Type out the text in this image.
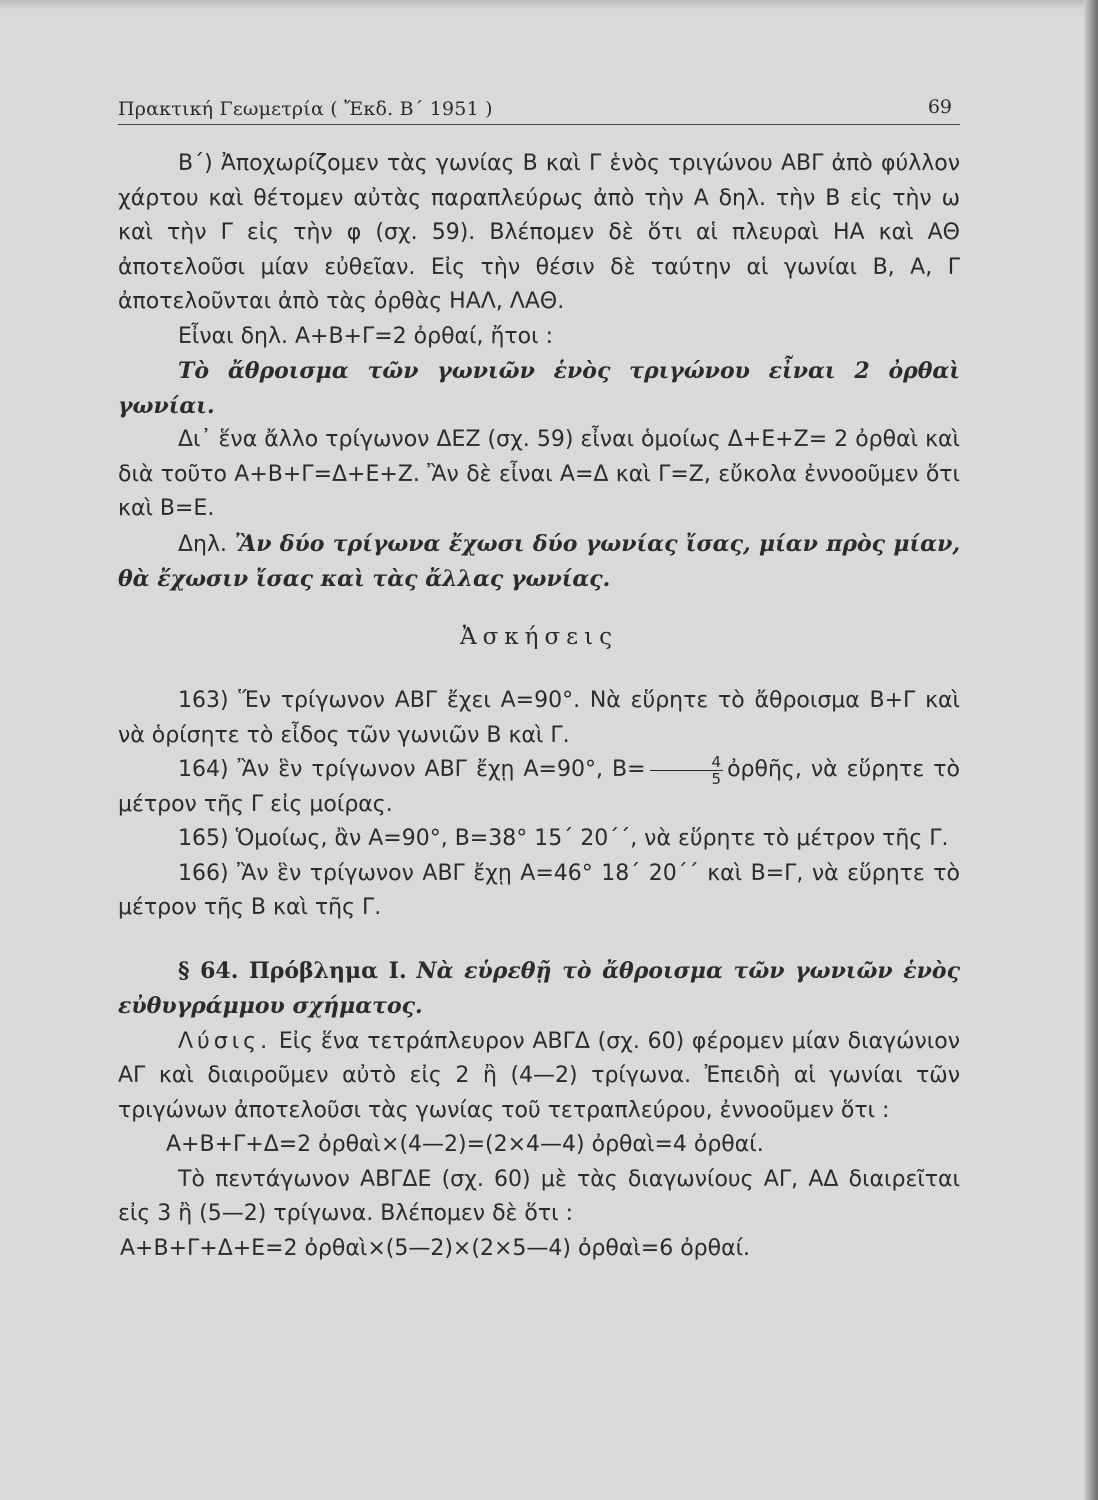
Πρακτική Γεωμετρία ( Ἔκδ. Β΄ 1951 )	69

Β΄) Ἀποχωρίζομεν τὰς γωνίας Β καὶ Γ ἑνὸς τριγώνου ΑΒΓ ἀπὸ φύλλον χάρτου καὶ θέτομεν αὐτὰς παραπλεύρως ἀπὸ τὴν Α δηλ. τὴν Β εἰς τὴν ω καὶ τὴν Γ εἰς τὴν φ (σχ. 59). Βλέπομεν δὲ ὅτι αἱ πλευραὶ ΗΑ καὶ ΑΘ ἀποτελοῦσι μίαν εὐθεῖαν. Εἰς τὴν θέσιν δὲ ταύτην αἱ γωνίαι Β, Α, Γ ἀποτελοῦνται ἀπὸ τὰς ὀρθὰς ΗΑΛ, ΛΑΘ.

Εἶναι δηλ. Α+Β+Γ=2 ὀρθαί, ἤτοι :

Τὸ ἄθροισμα τῶν γωνιῶν ἑνὸς τριγώνου εἶναι 2 ὀρθαὶ γωνίαι.

Δι᾽ ἕνα ἄλλο τρίγωνον ΔΕΖ (σχ. 59) εἶναι ὁμοίως Δ+Ε+Ζ= 2 ὀρθαὶ καὶ διὰ τοῦτο Α+Β+Γ=Δ+Ε+Ζ. Ἂν δὲ εἶναι Α=Δ καὶ Γ=Ζ, εὔκολα ἐννοοῦμεν ὅτι καὶ Β=Ε.

Δηλ. Ἂν δύο τρίγωνα ἔχωσι δύο γωνίας ἴσας, μίαν πρὸς μίαν, θὰ ἔχωσιν ἴσας καὶ τὰς ἄλλας γωνίας.

Ἀσκήσεις

163) Ἕν τρίγωνον ΑΒΓ ἔχει Α=90°. Νὰ εὕρητε τὸ ἄθροισμα Β+Γ καὶ νὰ ὁρίσητε τὸ εἶδος τῶν γωνιῶν Β καὶ Γ.

164) Ἂν ἓν τρίγωνον ΑΒΓ ἔχῃ Α=90°, $B= \frac{4}{5}$ ὀρθῆς, νὰ εὕρητε τὸ μέτρον τῆς Γ εἰς μοίρας.

165) Ὁμοίως, ἂν Α=90°, Β=38° 15΄ 20΄΄, νὰ εὕρητε τὸ μέτρον τῆς Γ.

166) Ἂν ἓν τρίγωνον ΑΒΓ ἔχῃ Α=46° 18΄ 20΄΄ καὶ Β=Γ, νὰ εὕρητε τὸ μέτρον τῆς Β καὶ τῆς Γ.

§ 64. Πρόβλημα Ι. Νὰ εὑρεθῇ τὸ ἄθροισμα τῶν γωνιῶν ἑνὸς εὐθυγράμμου σχήματος.

Λύσις. Εἰς ἕνα τετράπλευρον ΑΒΓΔ (σχ. 60) φέρομεν μίαν διαγώνιον ΑΓ καὶ διαιροῦμεν αὐτὸ εἰς 2 ἢ (4—2) τρίγωνα. Ἐπειδὴ αἱ γωνίαι τῶν τριγώνων ἀποτελοῦσι τὰς γωνίας τοῦ τετραπλεύρου, ἐννοοῦμεν ὅτι :

Α+Β+Γ+Δ=2 ὀρθαὶ×(4—2)=(2×4—4) ὀρθαὶ=4 ὀρθαί.

Τὸ πεντάγωνον ΑΒΓΔΕ (σχ. 60) μὲ τὰς διαγωνίους ΑΓ, ΑΔ διαιρεῖται εἰς 3 ἢ (5—2) τρίγωνα. Βλέπομεν δὲ ὅτι :

Α+Β+Γ+Δ+Ε=2 ὀρθαὶ×(5—2)×(2×5—4) ὀρθαὶ=6 ὀρθαί.
